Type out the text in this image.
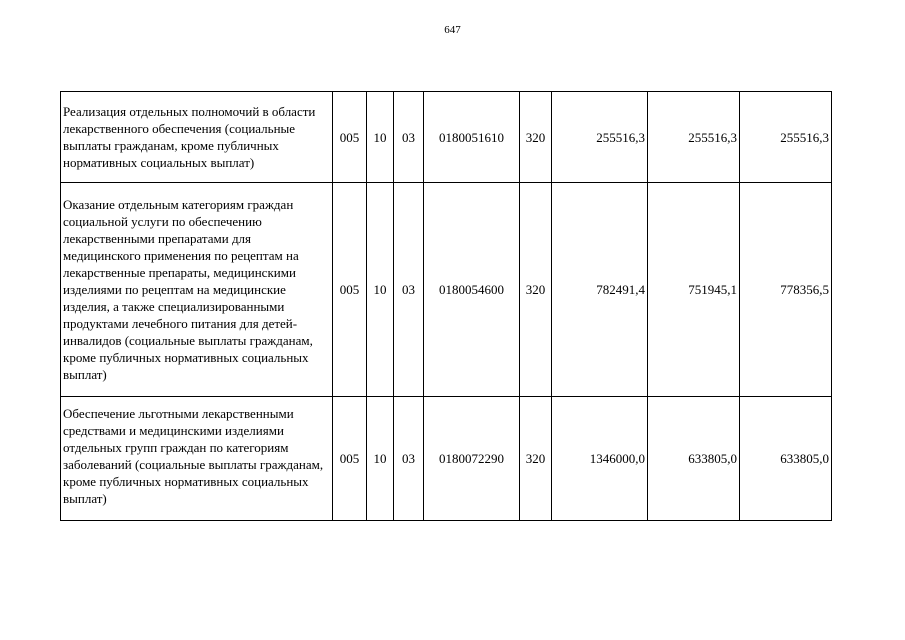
647
Реализация отдельных полномочий в области лекарственного обеспечения (социальные выплаты гражданам, кроме публичных нормативных социальных выплат)	005	10	03	0180051610	320	255516,3	255516,3	255516,3
Оказание отдельным категориям граждан социальной услуги по обеспечению лекарственными препаратами для медицинского применения по рецептам на лекарственные препараты, медицинскими изделиями по рецептам на медицинские изделия, а также специализированными продуктами лечебного питания для детей-инвалидов (социальные выплаты гражданам, кроме публичных нормативных социальных выплат)	005	10	03	0180054600	320	782491,4	751945,1	778356,5
Обеспечение льготными лекарственными средствами и медицинскими изделиями отдельных групп граждан по категориям заболеваний (социальные выплаты гражданам, кроме публичных нормативных социальных выплат)	005	10	03	0180072290	320	1346000,0	633805,0	633805,0
